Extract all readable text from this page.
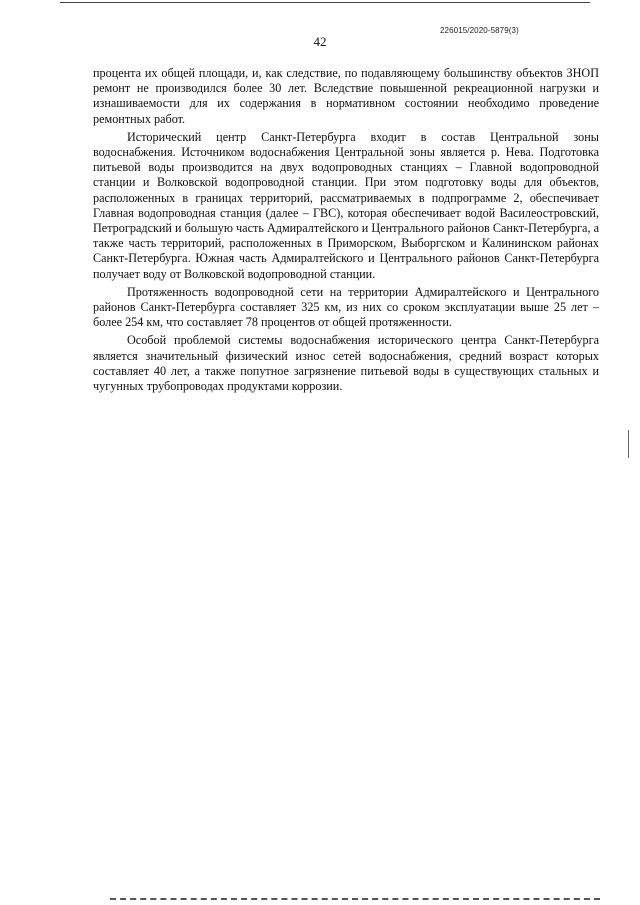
226015/2020-5879(3)
42

процента их общей площади, и, как следствие, по подавляющему большинству объектов ЗНОП ремонт не производился более 30 лет. Вследствие повышенной рекреационной нагрузки и изнашиваемости для их содержания в нормативном состоянии необходимо проведение ремонтных работ.

Исторический центр Санкт-Петербурга входит в состав Центральной зоны водоснабжения. Источником водоснабжения Центральной зоны является р. Нева. Подготовка питьевой воды производится на двух водопроводных станциях – Главной водопроводной станции и Волковской водопроводной станции. При этом подготовку воды для объектов, расположенных в границах территорий, рассматриваемых в подпрограмме 2, обеспечивает Главная водопроводная станция (далее – ГВС), которая обеспечивает водой Василеостровский, Петроградский и большую часть Адмиралтейского и Центрального районов Санкт-Петербурга, а также часть территорий, расположенных в Приморском, Выборгском и Калининском районах Санкт-Петербурга. Южная часть Адмиралтейского и Центрального районов Санкт-Петербурга получает воду от Волковской водопроводной станции.

Протяженность водопроводной сети на территории Адмиралтейского и Центрального районов Санкт-Петербурга составляет 325 км, из них со сроком эксплуатации выше 25 лет – более 254 км, что составляет 78 процентов от общей протяженности.

Особой проблемой системы водоснабжения исторического центра Санкт-Петербурга является значительный физический износ сетей водоснабжения, средний возраст которых составляет 40 лет, а также попутное загрязнение питьевой воды в существующих стальных и чугунных трубопроводах продуктами коррозии.
